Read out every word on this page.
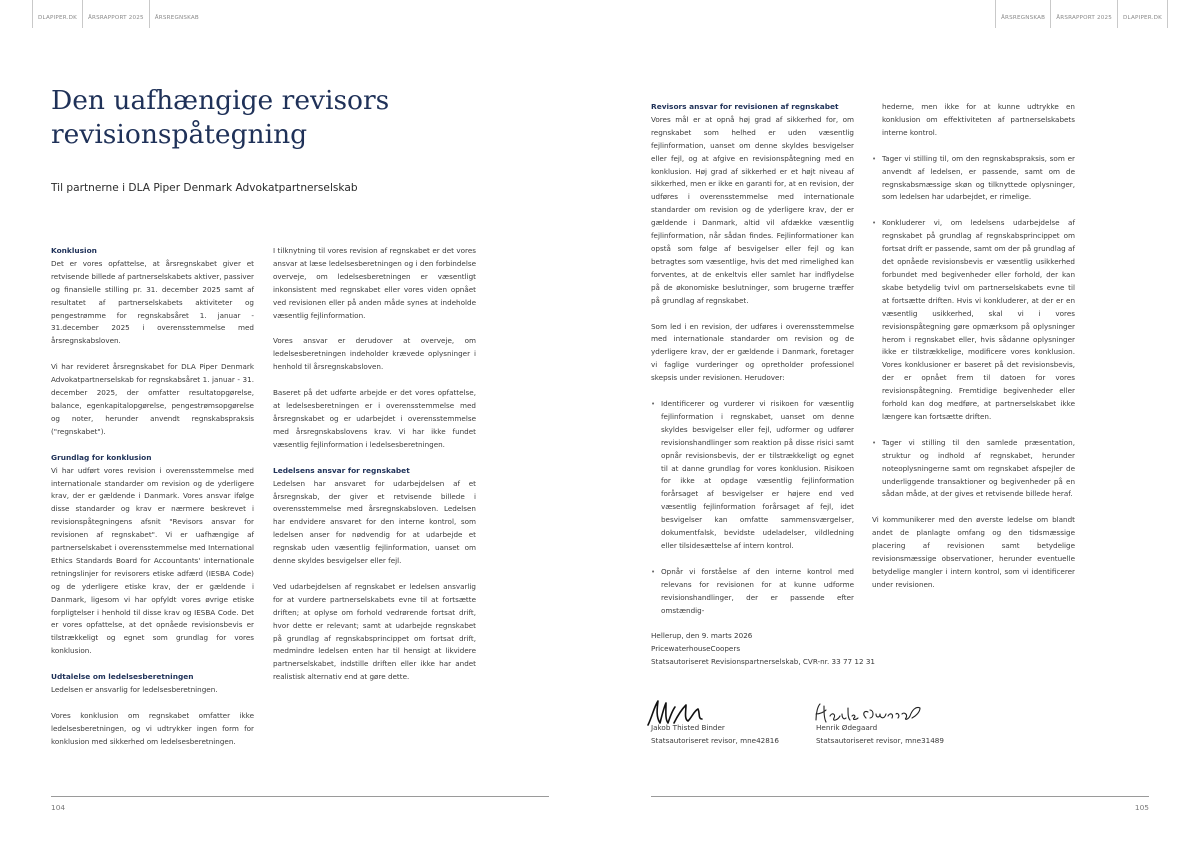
DLAPIPER.DK	ÅRSRAPPORT 2025	ÅRSREGNSKAB
Den uafhængige revisors revisionspåtegning
Til partnerne i DLA Piper Denmark Advokatpartnerselskab
Konklusion

Det er vores opfattelse, at årsregnskabet giver et retvisende billede af partnerselskabets aktiver, passiver og finansielle stilling pr. 31. december 2025 samt af resultatet af partnerselskabets aktiviteter og pengestrømme for regnskabsåret 1. januar - 31.december 2025 i overensstemmelse med årsregnskabsloven.

Vi har revideret årsregnskabet for DLA Piper Denmark Advokatpartnerselskab for regnskabsåret 1. januar - 31. december 2025, der omfatter resultatopgørelse, balance, egenkapitalopgørelse, pengestrømsopgørelse og noter, herunder anvendt regnskabspraksis ("regnskabet").

Grundlag for konklusion

Vi har udført vores revision i overensstemmelse med internationale standarder om revision og de yderligere krav, der er gældende i Danmark. Vores ansvar ifølge disse standarder og krav er nærmere beskrevet i revisionspåtegningens afsnit "Revisors ansvar for revisionen af regnskabet". Vi er uafhængige af partnerselskabet i overensstemmelse med International Ethics Standards Board for Accountants' internationale retningslinjer for revisorers etiske adfærd (IESBA Code) og de yderligere etiske krav, der er gældende i Danmark, ligesom vi har opfyldt vores øvrige etiske forpligtelser i henhold til disse krav og IESBA Code. Det er vores opfattelse, at det opnåede revisionsbevis er tilstrækkeligt og egnet som grundlag for vores konklusion.

Udtalelse om ledelsesberetningen

Ledelsen er ansvarlig for ledelsesberetningen.

Vores konklusion om regnskabet omfatter ikke ledelsesberetningen, og vi udtrykker ingen form for konklusion med sikkerhed om ledelsesberetningen.

I tilknytning til vores revision af regnskabet er det vores ansvar at læse ledelsesberetningen og i den forbindelse overveje, om ledelsesberetningen er væsentligt inkonsistent med regnskabet eller vores viden opnået ved revisionen eller på anden måde synes at indeholde væsentlig fejlinformation.

Vores ansvar er derudover at overveje, om ledelsesberetningen indeholder krævede oplysninger i henhold til årsregnskabsloven.

Baseret på det udførte arbejde er det vores opfattelse, at ledelsesberetningen er i overensstemmelse med årsregnskabet og er udarbejdet i overensstemmelse med årsregnskabslovens krav. Vi har ikke fundet væsentlig fejlinformation i ledelsesberetningen.

Ledelsens ansvar for regnskabet

Ledelsen har ansvaret for udarbejdelsen af et årsregnskab, der giver et retvisende billede i overensstemmelse med årsregnskabsloven. Ledelsen har endvidere ansvaret for den interne kontrol, som ledelsen anser for nødvendig for at udarbejde et regnskab uden væsentlig fejlinformation, uanset om denne skyldes besvigelser eller fejl.

Ved udarbejdelsen af regnskabet er ledelsen ansvarlig for at vurdere partnerselskabets evne til at fortsætte driften; at oplyse om forhold vedrørende fortsat drift, hvor dette er relevant; samt at udarbejde regnskabet på grundlag af regnskabsprincippet om fortsat drift, medmindre ledelsen enten har til hensigt at likvidere partnerselskabet, indstille driften eller ikke har andet realistisk alternativ end at gøre dette.

104
ÅRSREGNSKAB	ÅRSRAPPORT 2025	DLAPIPER.DK
Revisors ansvar for revisionen af regnskabet

Vores mål er at opnå høj grad af sikkerhed for, om regnskabet som helhed er uden væsentlig fejlinformation, uanset om denne skyldes besvigelser eller fejl, og at afgive en revisionspåtegning med en konklusion. Høj grad af sikkerhed er et højt niveau af sikkerhed, men er ikke en garanti for, at en revision, der udføres i overensstemmelse med internationale standarder om revision og de yderligere krav, der er gældende i Danmark, altid vil afdække væsentlig fejlinformation, når sådan findes. Fejlinformationer kan opstå som følge af besvigelser eller fejl og kan betragtes som væsentlige, hvis det med rimelighed kan forventes, at de enkeltvis eller samlet har indflydelse på de økonomiske beslutninger, som brugerne træffer på grundlag af regnskabet.

Som led i en revision, der udføres i overensstemmelse med internationale standarder om revision og de yderligere krav, der er gældende i Danmark, foretager vi faglige vurderinger og opretholder professionel skepsis under revisionen. Herudover:

• Identificerer og vurderer vi risikoen for væsentlig fejlinformation i regnskabet, uanset om denne skyldes besvigelser eller fejl, udformer og udfører revisionshandlinger som reaktion på disse risici samt opnår revisionsbevis, der er tilstrækkeligt og egnet til at danne grundlag for vores konklusion. Risikoen for ikke at opdage væsentlig fejlinformation forårsaget af besvigelser er højere end ved væsentlig fejlinformation forårsaget af fejl, idet besvigelser kan omfatte sammensværgelser, dokumentfalsk, bevidste udeladelser, vildledning eller tilsidesættelse af intern kontrol.
• Opnår vi forståelse af den interne kontrol med relevans for revisionen for at kunne udforme revisionshandlinger, der er passende efter omstændig-

hederne, men ikke for at kunne udtrykke en konklusion om effektiviteten af partnerselskabets interne kontrol.

• Tager vi stilling til, om den regnskabspraksis, som er anvendt af ledelsen, er passende, samt om de regnskabsmæssige skøn og tilknyttede oplysninger, som ledelsen har udarbejdet, er rimelige.
• Konkluderer vi, om ledelsens udarbejdelse af regnskabet på grundlag af regnskabsprincippet om fortsat drift er passende, samt om der på grundlag af det opnåede revisionsbevis er væsentlig usikkerhed forbundet med begivenheder eller forhold, der kan skabe betydelig tvivl om partnerselskabets evne til at fortsætte driften. Hvis vi konkluderer, at der er en væsentlig usikkerhed, skal vi i vores revisionspåtegning gøre opmærksom på oplysninger herom i regnskabet eller, hvis sådanne oplysninger ikke er tilstrækkelige, modificere vores konklusion. Vores konklusioner er baseret på det revisionsbevis, der er opnået frem til datoen for vores revisionspåtegning. Fremtidige begivenheder eller forhold kan dog medføre, at partnerselskabet ikke længere kan fortsætte driften.
• Tager vi stilling til den samlede præsentation, struktur og indhold af regnskabet, herunder noteoplysningerne samt om regnskabet afspejler de underliggende transaktioner og begivenheder på en sådan måde, at der gives et retvisende billede heraf.

Vi kommunikerer med den øverste ledelse om blandt andet de planlagte omfang og den tidsmæssige placering af revisionen samt betydelige revisionsmæssige observationer, herunder eventuelle betydelige mangler i intern kontrol, som vi identificerer under revisionen.

Hellerup, den 9. marts 2026
PricewaterhouseCoopers
Statsautoriseret Revisionspartnerselskab, CVR-nr. 33 77 12 31
Jakob Thisted Binder
Statsautoriseret revisor, mne42816
Henrik Ødegaard
Statsautoriseret revisor, mne31489
105
